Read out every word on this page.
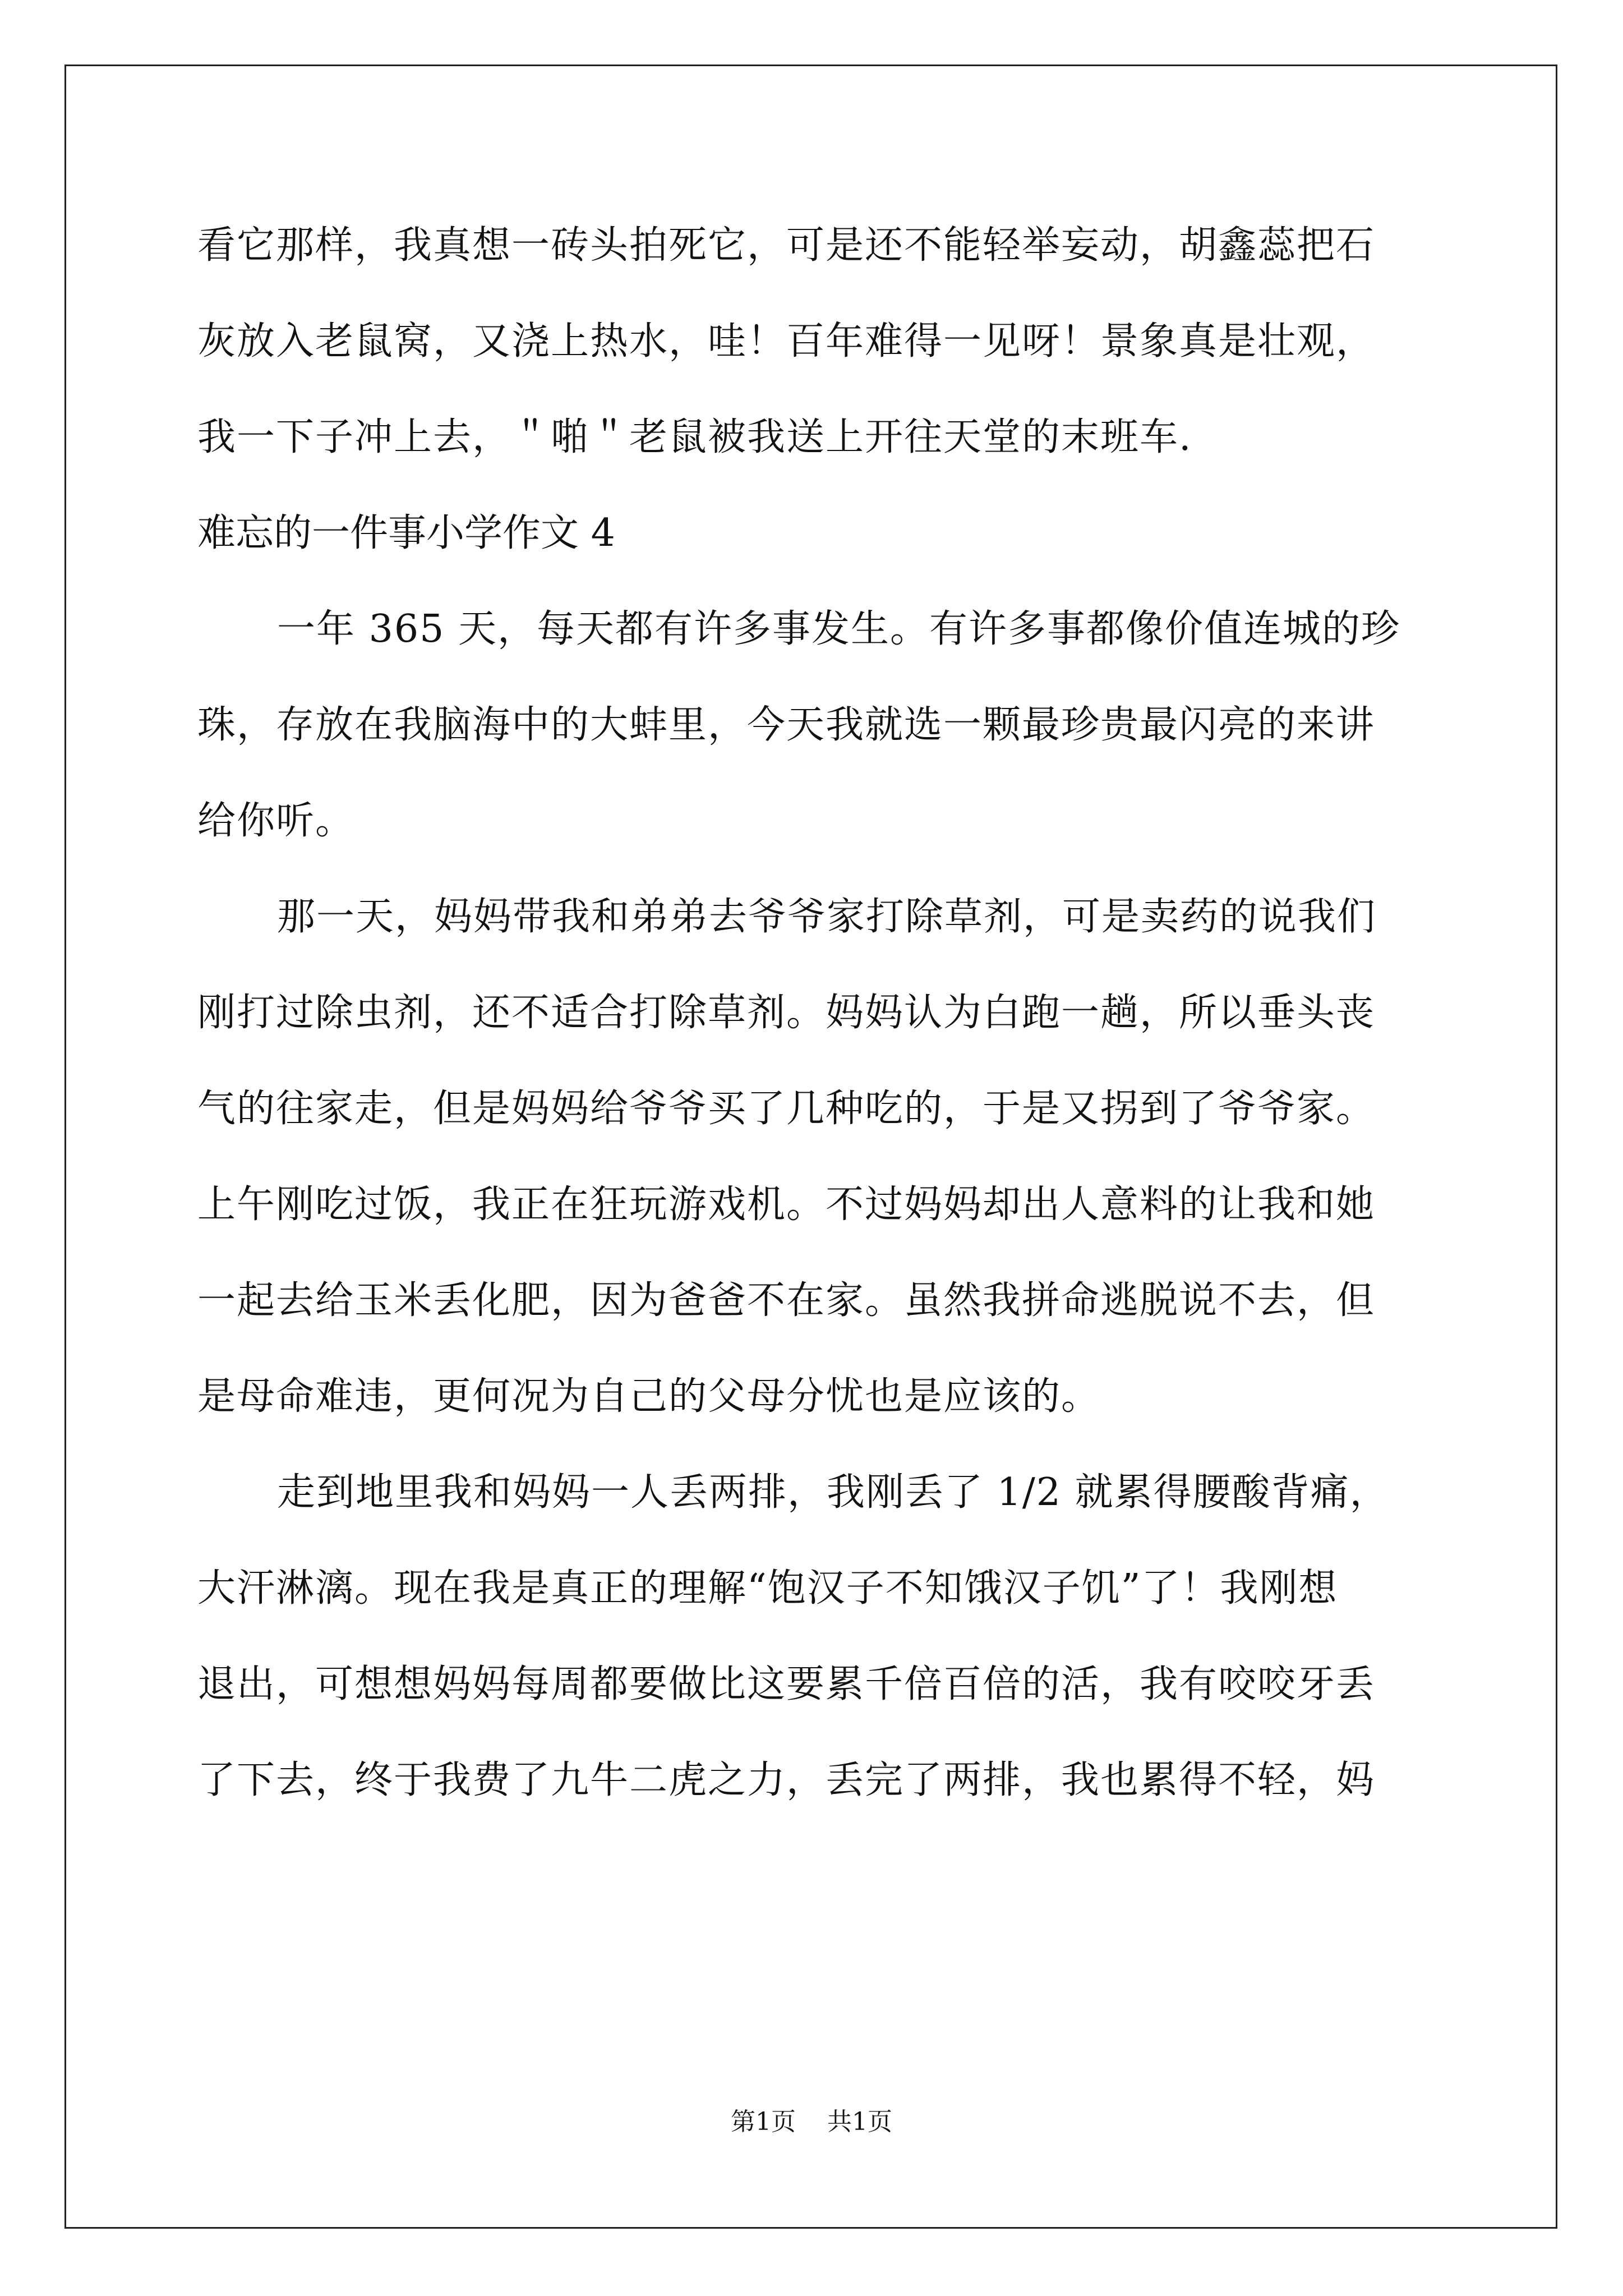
看它那样，我真想一砖头拍死它，可是还不能轻举妄动，胡鑫蕊把石
灰放入老鼠窝，又浇上热水，哇！百年难得一见呀！景象真是壮观，
我一下子冲上去，＂啪＂老鼠被我送上开往天堂的末班车.
难忘的一件事小学作文 4
一年 365 天，每天都有许多事发生。有许多事都像价值连城的珍
珠，存放在我脑海中的大蚌里，今天我就选一颗最珍贵最闪亮的来讲
给你听。
那一天，妈妈带我和弟弟去爷爷家打除草剂，可是卖药的说我们
刚打过除虫剂，还不适合打除草剂。妈妈认为白跑一趟，所以垂头丧
气的往家走，但是妈妈给爷爷买了几种吃的，于是又拐到了爷爷家。
上午刚吃过饭，我正在狂玩游戏机。不过妈妈却出人意料的让我和她
一起去给玉米丢化肥，因为爸爸不在家。虽然我拼命逃脱说不去，但
是母命难违，更何况为自己的父母分忧也是应该的。
走到地里我和妈妈一人丢两排，我刚丢了 1/2 就累得腰酸背痛，
大汗淋漓。现在我是真正的理解“饱汉子不知饿汉子饥”了！我刚想
退出，可想想妈妈每周都要做比这要累千倍百倍的活，我有咬咬牙丢
了下去，终于我费了九牛二虎之力，丢完了两排，我也累得不轻，妈
第1页    共1页
